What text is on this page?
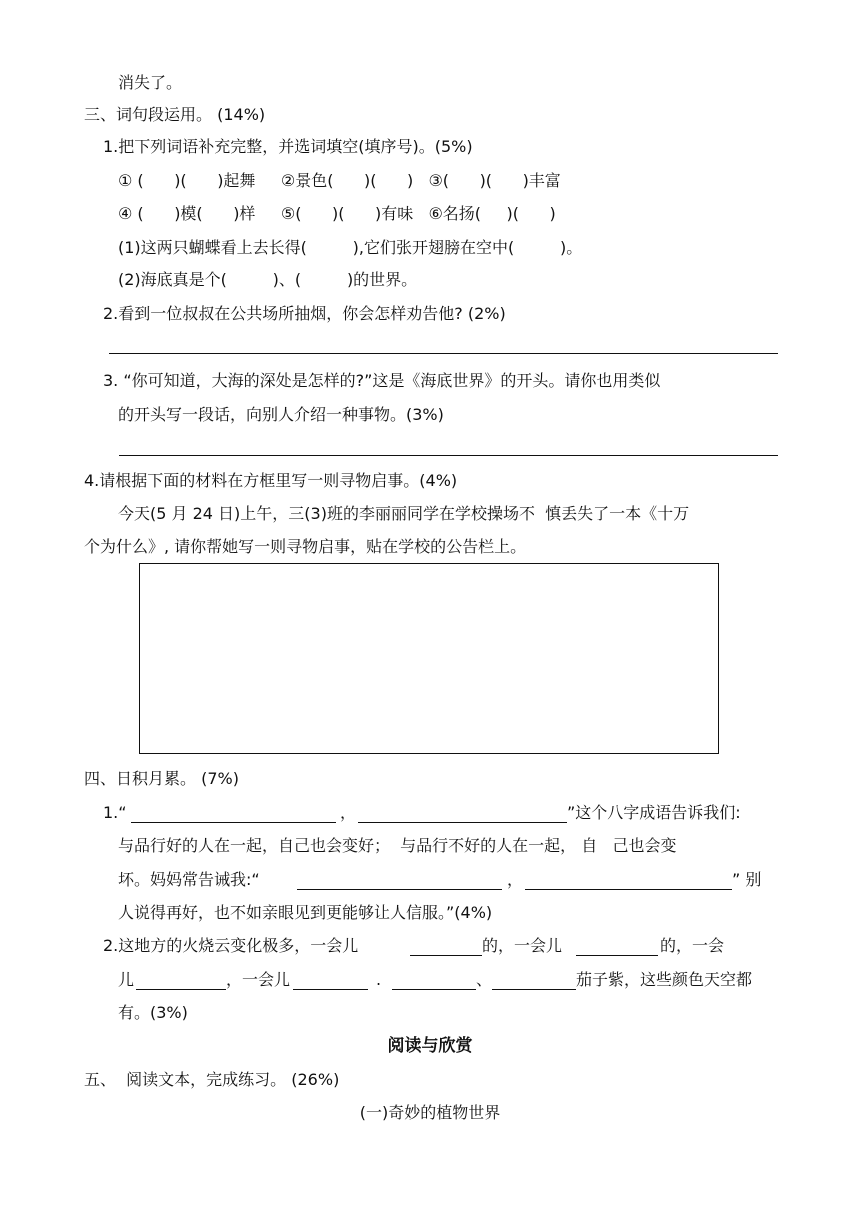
消失了。
三、词句段运用。 (14%)
1.把下列词语补充完整，并选词填空(填序号)。(5%)
① (      )(      )起舞     ②景色(      )(      )   ③(      )(      )丰富
④ (      )模(      )样     ⑤(      )(      )有味   ⑥名扬(     )(      )
(1)这两只蝴蝶看上去长得(         ),它们张开翅膀在空中(         )。
(2)海底真是个(         )、(         )的世界。
2.看到一位叔叔在公共场所抽烟，你会怎样劝告他? (2%)
3. “你可知道，大海的深处是怎样的?”这是《海底世界》的开头。请你也用类似
的开头写一段话，向别人介绍一种事物。(3%)
4.请根据下面的材料在方框里写一则寻物启事。(4%)
今天(5 月 24 日)上午，三(3)班的李丽丽同学在学校操场不  慎丢失了一本《十万
个为什么》, 请你帮她写一则寻物启事，贴在学校的公告栏上。
四、日积月累。 (7%)
1.“	，	”这个八字成语告诉我们:
与品行好的人在一起，自己也会变好；  与品行不好的人在一起， 自   己也会变
坏。妈妈常告诫我:“	，	” 别
人说得再好，也不如亲眼见到更能够让人信服。”(4%)
2.这地方的火烧云变化极多，一会儿	的，一会儿	的，一会
儿	，一会儿	.	、	茄子紫，这些颜色天空都
有。(3%)
阅读与欣赏
五、  阅读文本，完成练习。 (26%)
(一)奇妙的植物世界
